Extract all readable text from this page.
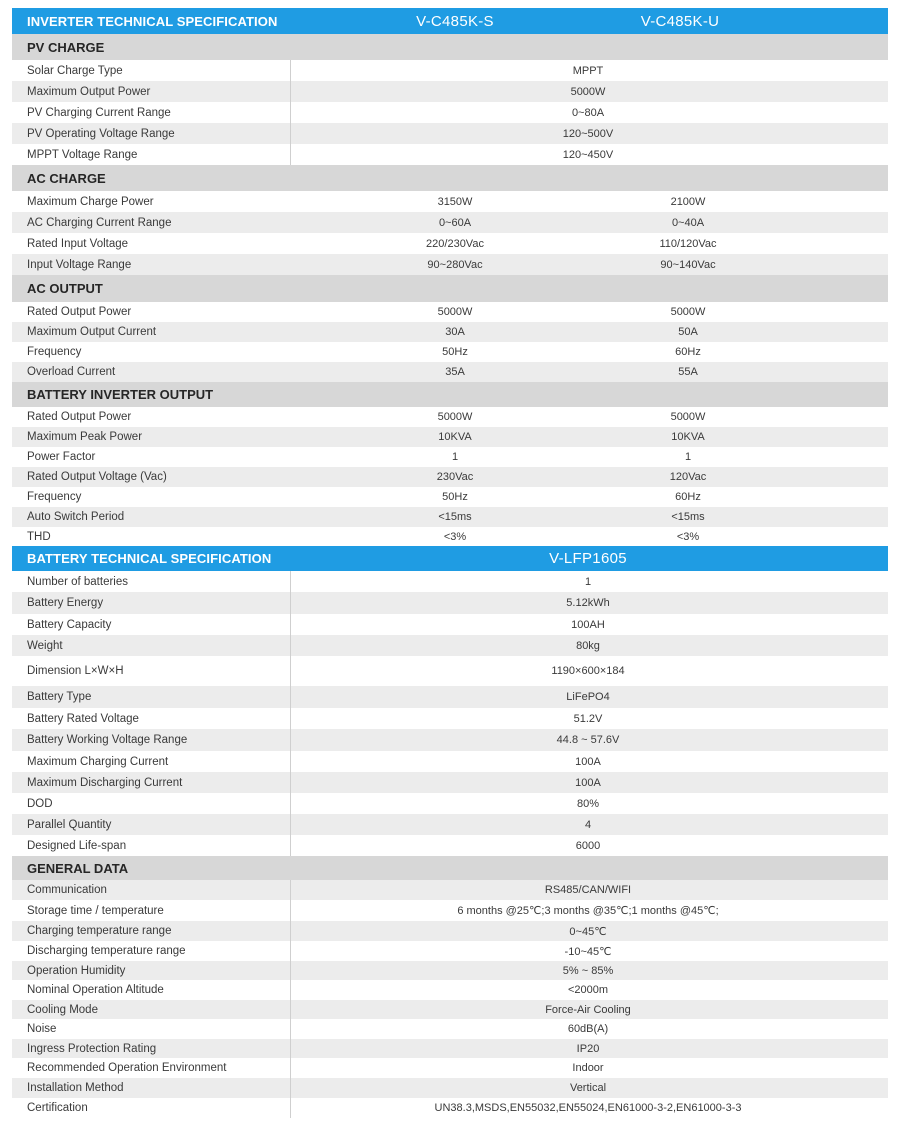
INVERTER TECHNICAL SPECIFICATION	V-C485K-S	V-C485K-U
PV CHARGE
Solar Charge Type	MPPT
Maximum Output Power	5000W
PV Charging Current Range	0~80A
PV Operating Voltage Range	120~500V
MPPT Voltage Range	120~450V
AC CHARGE
Maximum Charge Power	3150W	2100W
AC Charging Current Range	0~60A	0~40A
Rated Input Voltage	220/230Vac	110/120Vac
Input Voltage Range	90~280Vac	90~140Vac
AC OUTPUT
Rated Output Power	5000W	5000W
Maximum Output Current	30A	50A
Frequency	50Hz	60Hz
Overload Current	35A	55A
BATTERY INVERTER OUTPUT
Rated Output Power	5000W	5000W
Maximum Peak Power	10KVA	10KVA
Power Factor	1	1
Rated Output Voltage (Vac)	230Vac	120Vac
Frequency	50Hz	60Hz
Auto Switch Period	<15ms	<15ms
THD	<3%	<3%
BATTERY TECHNICAL SPECIFICATION	V-LFP1605
Number of batteries	1
Battery Energy	5.12kWh
Battery Capacity	100AH
Weight	80kg
Dimension L×W×H	1190×600×184
Battery Type	LiFePO4
Battery Rated Voltage	51.2V
Battery Working Voltage Range	44.8 ~ 57.6V
Maximum Charging Current	100A
Maximum Discharging Current	100A
DOD	80%
Parallel Quantity	4
Designed Life-span	6000
GENERAL DATA
Communication	RS485/CAN/WIFI
Storage time / temperature	6 months @25℃;3 months @35℃;1 months @45℃;
Charging temperature range	0~45℃
Discharging temperature range	-10~45℃
Operation Humidity	5% ~ 85%
Nominal Operation Altitude	<2000m
Cooling Mode	Force-Air Cooling
Noise	60dB(A)
Ingress Protection Rating	IP20
Recommended Operation Environment	Indoor
Installation Method	Vertical
Certification	UN38.3,MSDS,EN55032,EN55024,EN61000-3-2,EN61000-3-3
